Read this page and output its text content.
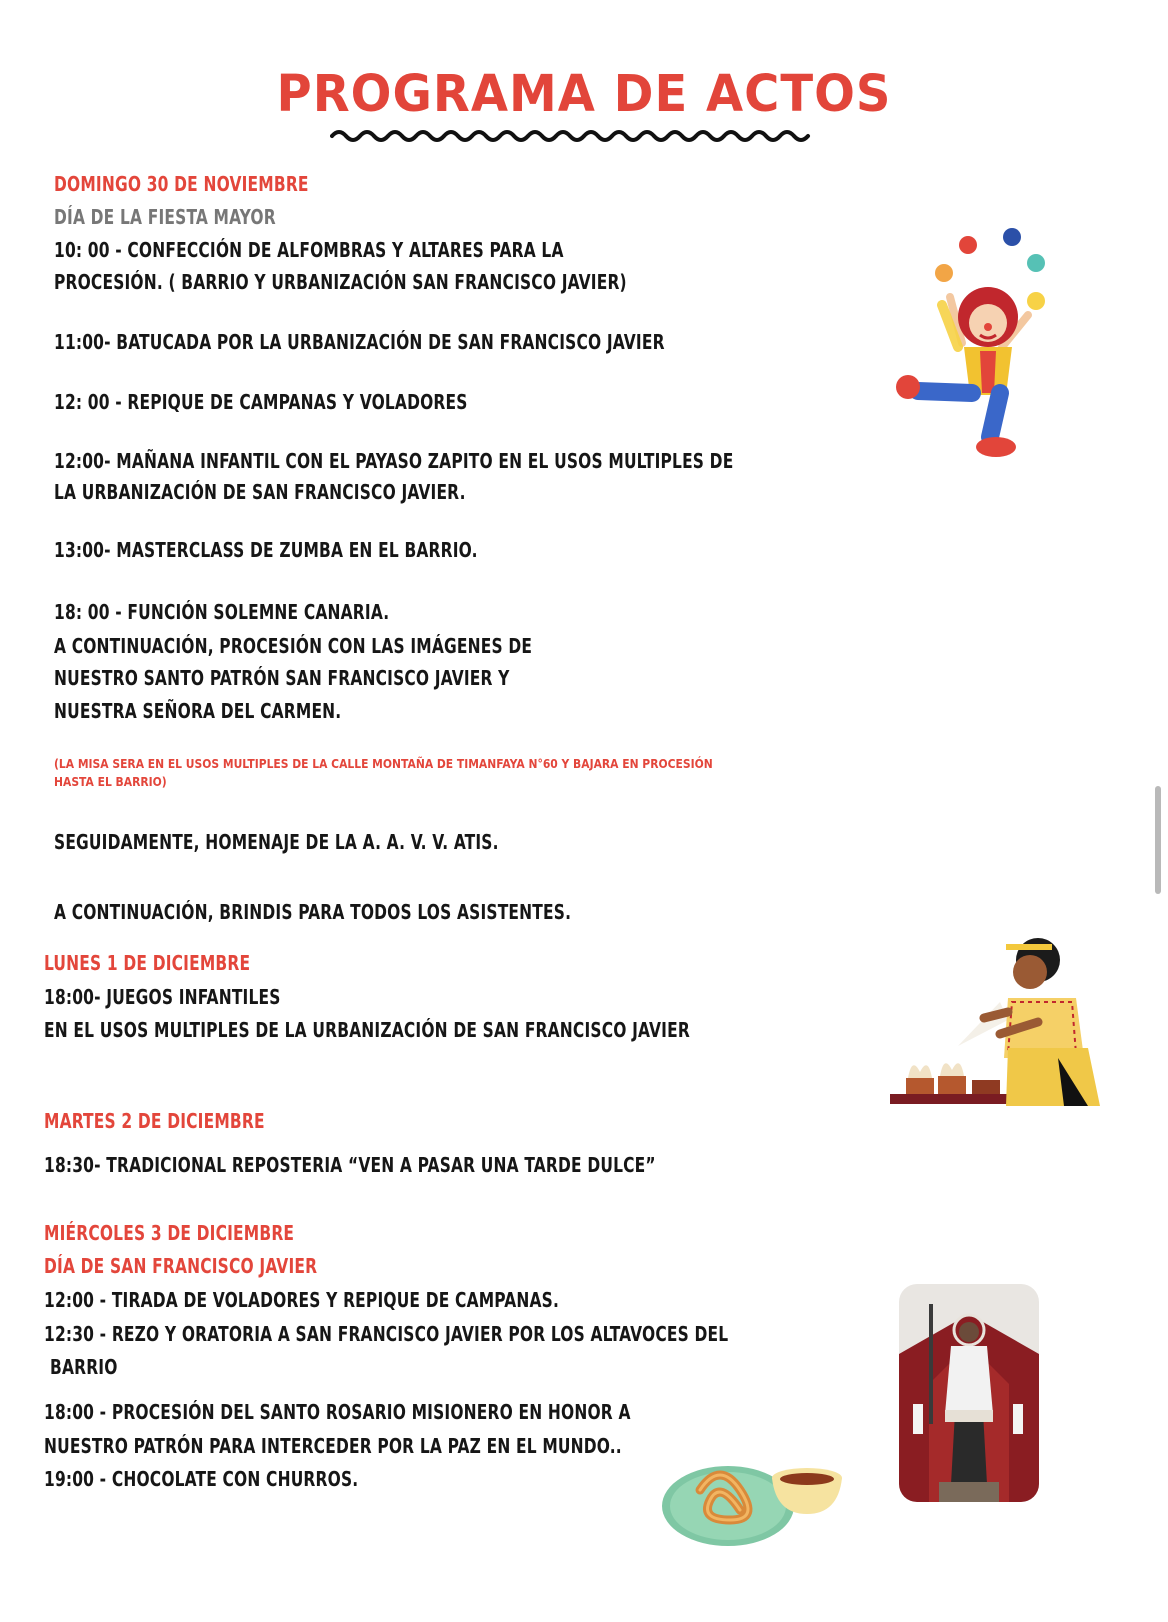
PROGRAMA DE ACTOS
DOMINGO 30 DE NOVIEMBRE
DÍA DE LA FIESTA MAYOR
10: 00 - CONFECCIÓN DE ALFOMBRAS Y ALTARES PARA LA
PROCESIÓN. ( BARRIO Y URBANIZACIÓN SAN FRANCISCO JAVIER)
11:00- BATUCADA POR LA URBANIZACIÓN DE SAN FRANCISCO JAVIER
12: 00 - REPIQUE DE CAMPANAS Y VOLADORES
12:00- MAÑANA INFANTIL CON EL PAYASO ZAPITO EN EL USOS MULTIPLES DE
LA URBANIZACIÓN DE SAN FRANCISCO JAVIER.
13:00- MASTERCLASS DE ZUMBA EN EL BARRIO.
18: 00 - FUNCIÓN SOLEMNE CANARIA.
A CONTINUACIÓN, PROCESIÓN CON LAS IMÁGENES DE
NUESTRO SANTO PATRÓN SAN FRANCISCO JAVIER Y
NUESTRA SEÑORA DEL CARMEN.
(LA MISA SERA EN EL USOS MULTIPLES DE LA CALLE MONTAÑA DE TIMANFAYA N°60 Y BAJARA EN PROCESIÓN
HASTA EL BARRIO)
SEGUIDAMENTE, HOMENAJE DE LA A. A. V. V. ATIS.
A CONTINUACIÓN, BRINDIS PARA TODOS LOS ASISTENTES.
LUNES 1 DE DICIEMBRE
18:00- JUEGOS INFANTILES
EN EL USOS MULTIPLES DE LA URBANIZACIÓN DE SAN FRANCISCO JAVIER
MARTES 2 DE DICIEMBRE
18:30- TRADICIONAL REPOSTERIA “VEN A PASAR UNA TARDE DULCE”
MIÉRCOLES 3 DE DICIEMBRE
DÍA DE SAN FRANCISCO JAVIER
12:00 - TIRADA DE VOLADORES Y REPIQUE DE CAMPANAS.
12:30 - REZO Y ORATORIA A SAN FRANCISCO JAVIER POR LOS ALTAVOCES DEL
BARRIO
18:00 - PROCESIÓN DEL SANTO ROSARIO MISIONERO EN HONOR A
NUESTRO PATRÓN PARA INTERCEDER POR LA PAZ EN EL MUNDO..
19:00 - CHOCOLATE CON CHURROS.
